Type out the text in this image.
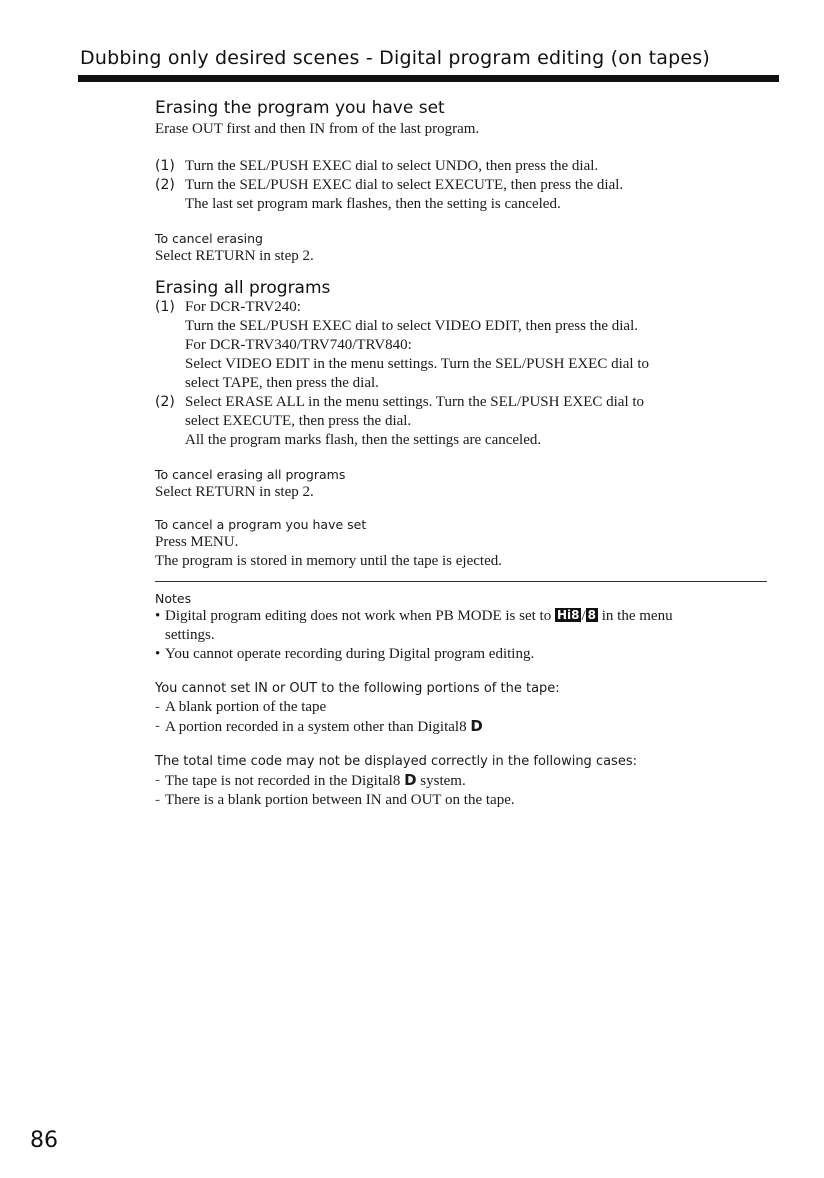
Dubbing only desired scenes - Digital program editing (on tapes)

Erasing the program you have set

Erase OUT first and then IN from of the last program.

(1) Turn the SEL/PUSH EXEC dial to select UNDO, then press the dial.
(2) Turn the SEL/PUSH EXEC dial to select EXECUTE, then press the dial.

The last set program mark flashes, then the setting is canceled.

To cancel erasing

Select RETURN in step 2.

Erasing all programs

(1) For DCR-TRV240:

Turn the SEL/PUSH EXEC dial to select VIDEO EDIT, then press the dial.

For DCR-TRV340/TRV740/TRV840:

Select VIDEO EDIT in the menu settings. Turn the SEL/PUSH EXEC dial to

select TAPE, then press the dial.

(2) Select ERASE ALL in the menu settings. Turn the SEL/PUSH EXEC dial to

select EXECUTE, then press the dial.

All the program marks flash, then the settings are canceled.

To cancel erasing all programs

Select RETURN in step 2.

To cancel a program you have set

Press MENU.

The program is stored in memory until the tape is ejected.

Notes

• Digital program editing does not work when PB MODE is set to Hi8 / 8 in the menu

settings.

• You cannot operate recording during Digital program editing.

You cannot set IN or OUT to the following portions of the tape:

- A blank portion of the tape
- A portion recorded in a system other than Digital8 D

The total time code may not be displayed correctly in the following cases:

- The tape is not recorded in the Digital8 D system.
- There is a blank portion between IN and OUT on the tape.
86
